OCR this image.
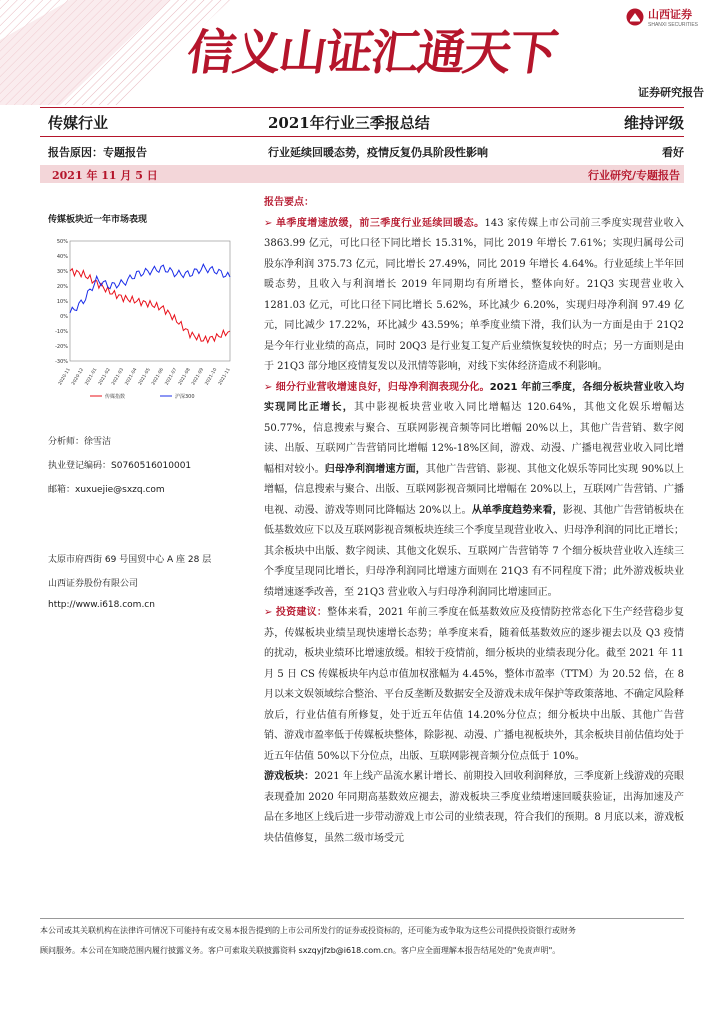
信义山证汇通天下
山西证券
SHANXI SECURITIES
证券研究报告
传媒行业	2021年行业三季报总结	维持评级
报告原因：专题报告	行业延续回暖态势，疫情反复仍具阶段性影响	看好
2021 年 11 月 5 日	行业研究/专题报告
传媒板块近一年市场表现
50%
40%
30%
20%
10%
0%
-10%
-20%
-30%
2020-11 2020-12 2021-01 2021-02 2021-03 2021-04 2021-05 2021-06 2021-07 2021-08 2021-09 2021-10 2021-11
传媒指数	沪深300
分析师：徐雪洁
执业登记编码：S0760516010001
邮箱：xuxuejie@sxzq.com
太原市府西街 69 号国贸中心 A 座 28 层
山西证券股份有限公司
http://www.i618.com.cn
报告要点：

➢ 单季度增速放缓，前三季度行业延续回暖态。143 家传媒上市公司前三季度实现营业收入 3863.99 亿元，可比口径下同比增长 15.31%，同比 2019 年增长 7.61%；实现归属母公司股东净利润 375.73 亿元，同比增长 27.49%，同比 2019 年增长 4.64%。行业延续上半年回暖态势，且收入与利润增长 2019 年同期均有所增长，整体向好。21Q3 实现营业收入 1281.03 亿元，可比口径下同比增长 5.62%，环比减少 6.20%，实现归母净利润 97.49 亿元，同比减少 17.22%，环比减少 43.59%；单季度业绩下滑，我们认为一方面是由于 21Q2 是今年行业业绩的高点，同时 20Q3 是行业复工复产后业绩恢复较快的时点；另一方面则是由于 21Q3 部分地区疫情复发以及汛情等影响，对线下实体经济造成不利影响。

➢ 细分行业营收增速良好，归母净利润表现分化。2021 年前三季度，各细分板块营业收入均实现同比正增长，其中影视板块营业收入同比增幅达 120.64%，其他文化娱乐增幅达 50.77%，信息搜索与聚合、互联网影视音频等同比增幅 20%以上，其他广告营销、数字阅读、出版、互联网广告营销同比增幅 12%-18%区间，游戏、动漫、广播电视营业收入同比增幅相对较小。归母净利润增速方面，其他广告营销、影视、其他文化娱乐等同比实现 90%以上增幅，信息搜索与聚合、出版、互联网影视音频同比增幅在 20%以上，互联网广告营销、广播电视、动漫、游戏等则同比降幅达 20%以上。从单季度趋势来看，影视、其他广告营销板块在低基数效应下以及互联网影视音频板块连续三个季度呈现营业收入、归母净利润的同比正增长；其余板块中出版、数字阅读、其他文化娱乐、互联网广告营销等 7 个细分板块营业收入连续三个季度呈现同比增长，归母净利润同比增速方面则在 21Q3 有不同程度下滑；此外游戏板块业绩增速逐季改善，至 21Q3 营业收入与归母净利润同比增速回正。

➢ 投资建议：整体来看，2021 年前三季度在低基数效应及疫情防控常态化下生产经营稳步复苏，传媒板块业绩呈现快速增长态势；单季度来看，随着低基数效应的逐步褪去以及 Q3 疫情的扰动，板块业绩环比增速放缓。相较于疫情前，细分板块的业绩表现分化。截至 2021 年 11 月 5 日 CS 传媒板块年内总市值加权涨幅为 4.45%，整体市盈率（TTM）为 20.52 倍，在 8 月以来文娱领域综合整治、平台反垄断及数据安全及游戏未成年保护等政策落地、不确定风险释放后，行业估值有所修复，处于近五年估值 14.20%分位点；细分板块中出版、其他广告营销、游戏市盈率低于传媒板块整体，除影视、动漫、广播电视板块外，其余板块目前估值均处于近五年估值 50%以下分位点，出版、互联网影视音频分位点低于 10%。

游戏板块：2021 年上线产品流水累计增长、前期投入回收利润释放，三季度新上线游戏的亮眼表现叠加 2020 年同期高基数效应褪去，游戏板块三季度业绩增速回暖获验证，出海加速及产品在多地区上线后进一步带动游戏上市公司的业绩表现，符合我们的预期。8 月底以来，游戏板块估值修复，虽然二级市场受元

本公司或其关联机构在法律许可情况下可能持有或交易本报告提到的上市公司所发行的证券或投资标的，还可能为或争取为这些公司提供投资银行或财务
顾问服务。本公司在知晓范围内履行披露义务。客户可索取关联披露资料 sxzqyjfzb@i618.com.cn。客户应全面理解本报告结尾处的"免责声明"。
